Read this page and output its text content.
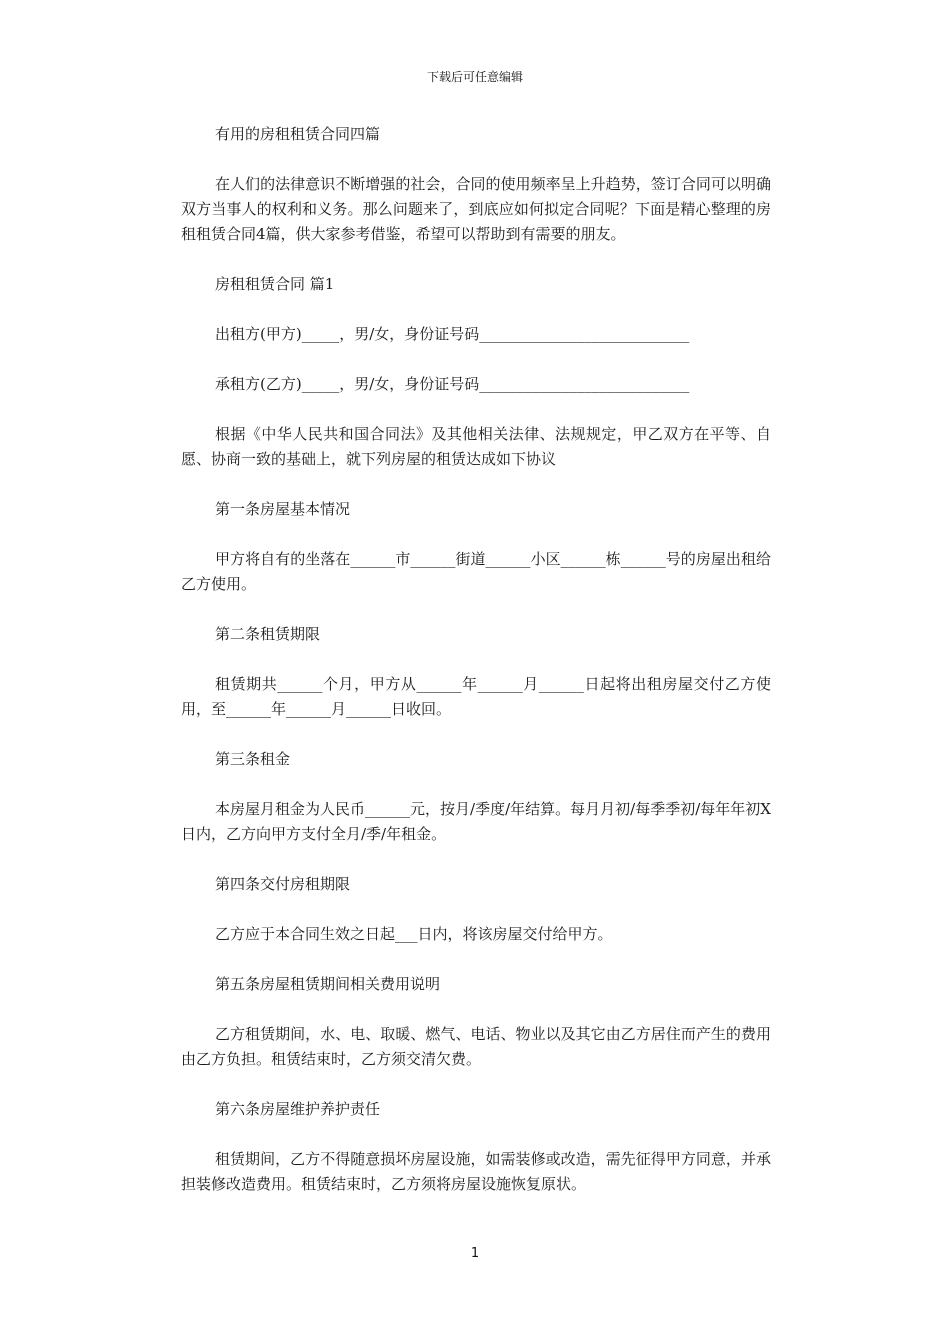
下载后可任意编辑

有用的房租租赁合同四篇

在人们的法律意识不断增强的社会，合同的使用频率呈上升趋势，签订合同可以明确双方当事人的权利和义务。那么问题来了，到底应如何拟定合同呢？下面是精心整理的房租租赁合同4篇，供大家参考借鉴，希望可以帮助到有需要的朋友。

房租租赁合同 篇1

出租方(甲方)_____，男/女，身份证号码____________________________

承租方(乙方)_____，男/女，身份证号码____________________________

根据《中华人民共和国合同法》及其他相关法律、法规规定，甲乙双方在平等、自愿、协商一致的基础上，就下列房屋的租赁达成如下协议

第一条房屋基本情况

甲方将自有的坐落在______市______街道______小区______栋______号的房屋出租给乙方使用。

第二条租赁期限

租赁期共______个月，甲方从______年______月______日起将出租房屋交付乙方使用，至______年______月______日收回。

第三条租金

本房屋月租金为人民币______元，按月/季度/年结算。每月月初/每季季初/每年年初X日内，乙方向甲方支付全月/季/年租金。

第四条交付房租期限

乙方应于本合同生效之日起___日内，将该房屋交付给甲方。

第五条房屋租赁期间相关费用说明

乙方租赁期间，水、电、取暖、燃气、电话、物业以及其它由乙方居住而产生的费用由乙方负担。租赁结束时，乙方须交清欠费。

第六条房屋维护养护责任

租赁期间，乙方不得随意损坏房屋设施，如需装修或改造，需先征得甲方同意，并承担装修改造费用。租赁结束时，乙方须将房屋设施恢复原状。

1
